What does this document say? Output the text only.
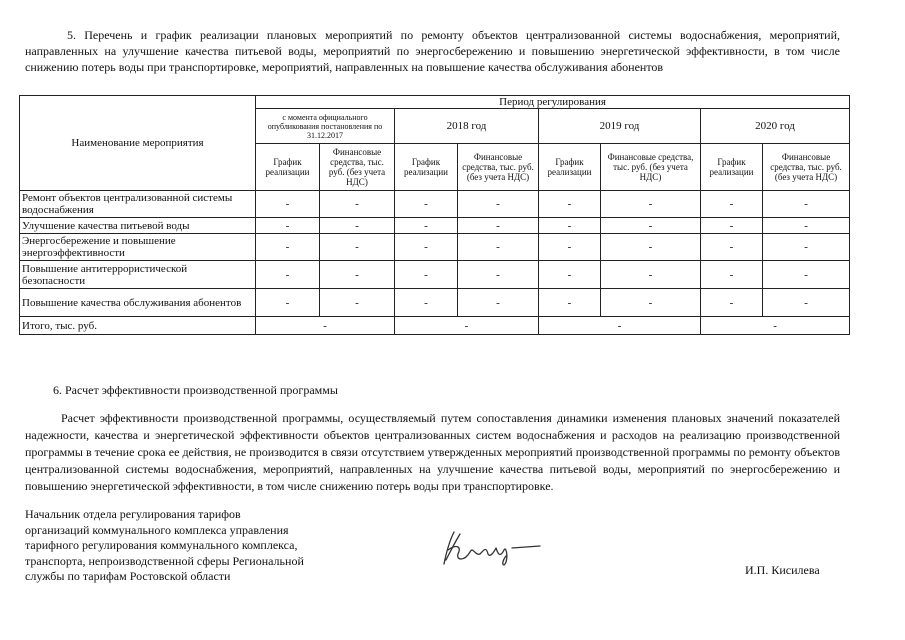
5. Перечень и график реализации плановых мероприятий по ремонту объектов централизованной системы водоснабжения, мероприятий, направленных на улучшение качества питьевой воды, мероприятий по энергосбережению и повышению энергетической эффективности, в том числе снижению потерь воды при транспортировке, мероприятий, направленных на повышение качества обслуживания абонентов
Наименование мероприятия	Период регулирования							
	с момента официального опубликования постановления по 31.12.2017		2018 год		2019 год		2020 год	
	График реализации	Финансовые средства, тыс. руб. (без учета НДС)	График реализации	Финансовые средства, тыс. руб. (без учета НДС)	График реализации	Финансовые средства, тыс. руб. (без учета НДС)	График реализации	Финансовые средства, тыс. руб. (без учета НДС)
Ремонт объектов централизованной системы водоснабжения	-	-	-	-	-	-	-	-
Улучшение качества питьевой воды	-	-	-	-	-	-	-	-
Энергосбережение и повышение энергоэффективности	-	-	-	-	-	-	-	-
Повышение антитеррористической безопасности	-	-	-	-	-	-	-	-
Повышение качества обслуживания абонентов	-	-	-	-	-	-	-	-
Итого, тыс. руб.	-		-		-		-	
6. Расчет эффективности производственной программы
Расчет эффективности производственной программы, осуществляемый путем сопоставления динамики изменения плановых значений показателей надежности, качества и энергетической эффективности объектов централизованных систем водоснабжения и расходов на реализацию производственной программы в течение срока ее действия, не производится в связи отсутствием утвержденных мероприятий производственной программы по ремонту объектов централизованной системы водоснабжения, мероприятий, направленных на улучшение качества питьевой воды, мероприятий по энергосбережению и повышению энергетической эффективности, в том числе снижению потерь воды при транспортировке.
Начальник отдела регулирования тарифов
организаций коммунального комплекса управления
тарифного регулирования коммунального комплекса,
транспорта, непроизводственной сферы Региональной
службы по тарифам Ростовской области	И.П. Кисилева
